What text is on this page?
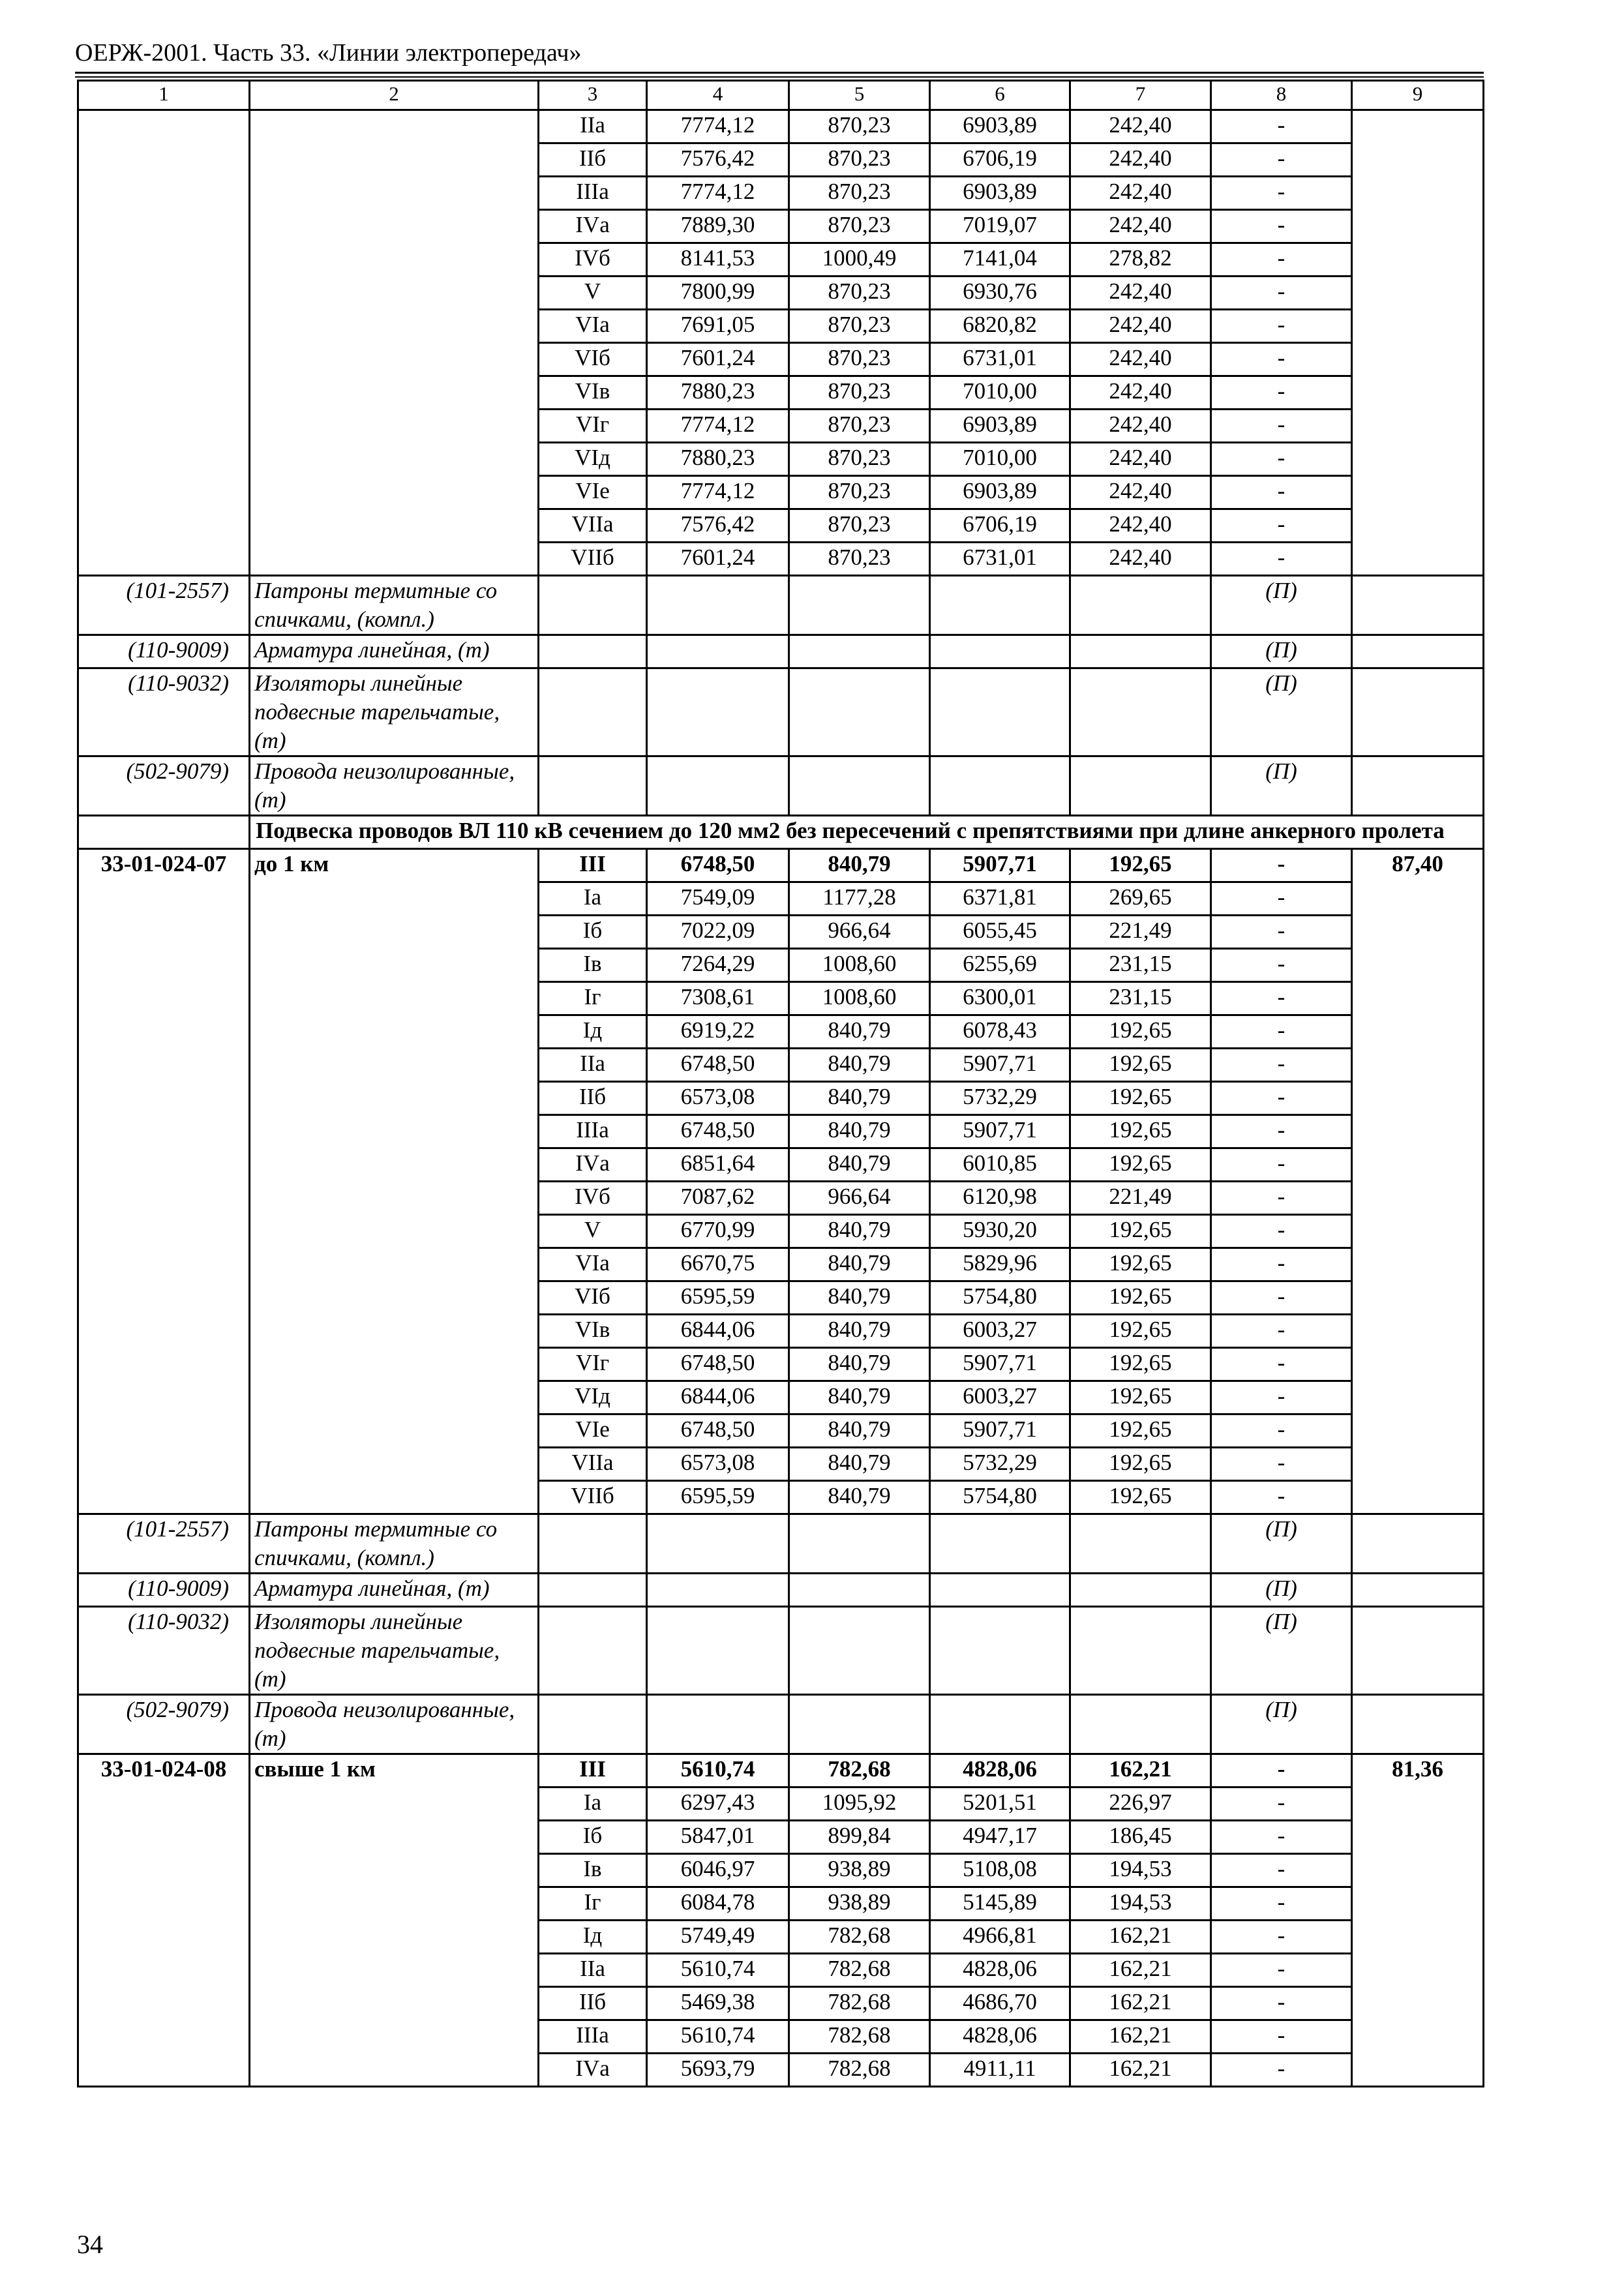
ОЕРЖ-2001. Часть 33. «Линии электропередач»
1	2	3	4	5	6	7	8	9
		IIа	7774,12	870,23	6903,89	242,40	-	
		IIб	7576,42	870,23	6706,19	242,40	-	
		IIIа	7774,12	870,23	6903,89	242,40	-	
		IVа	7889,30	870,23	7019,07	242,40	-	
		IVб	8141,53	1000,49	7141,04	278,82	-	
		V	7800,99	870,23	6930,76	242,40	-	
		VIа	7691,05	870,23	6820,82	242,40	-	
		VIб	7601,24	870,23	6731,01	242,40	-	
		VIв	7880,23	870,23	7010,00	242,40	-	
		VIг	7774,12	870,23	6903,89	242,40	-	
		VIд	7880,23	870,23	7010,00	242,40	-	
		VIе	7774,12	870,23	6903,89	242,40	-	
		VIIа	7576,42	870,23	6706,19	242,40	-	
		VIIб	7601,24	870,23	6731,01	242,40	-	
(101-2557)	Патроны термитные со спичками, (компл.)						(П)	
(110-9009)	Арматура линейная, (т)						(П)	
(110-9032)	Изоляторы линейные подвесные тарельчатые, (т)						(П)	
(502-9079)	Провода неизолированные, (т)						(П)	
	Подвеска проводов ВЛ 110 кВ сечением до 120 мм2 без пересечений с препятствиями при длине анкерного пролета							
33-01-024-07	до 1 км	III	6748,50	840,79	5907,71	192,65	-	87,40
		Iа	7549,09	1177,28	6371,81	269,65	-	
		Iб	7022,09	966,64	6055,45	221,49	-	
		Iв	7264,29	1008,60	6255,69	231,15	-	
		Iг	7308,61	1008,60	6300,01	231,15	-	
		Iд	6919,22	840,79	6078,43	192,65	-	
		IIа	6748,50	840,79	5907,71	192,65	-	
		IIб	6573,08	840,79	5732,29	192,65	-	
		IIIа	6748,50	840,79	5907,71	192,65	-	
		IVа	6851,64	840,79	6010,85	192,65	-	
		IVб	7087,62	966,64	6120,98	221,49	-	
		V	6770,99	840,79	5930,20	192,65	-	
		VIа	6670,75	840,79	5829,96	192,65	-	
		VIб	6595,59	840,79	5754,80	192,65	-	
		VIв	6844,06	840,79	6003,27	192,65	-	
		VIг	6748,50	840,79	5907,71	192,65	-	
		VIд	6844,06	840,79	6003,27	192,65	-	
		VIе	6748,50	840,79	5907,71	192,65	-	
		VIIа	6573,08	840,79	5732,29	192,65	-	
		VIIб	6595,59	840,79	5754,80	192,65	-	
(101-2557)	Патроны термитные со спичками, (компл.)						(П)	
(110-9009)	Арматура линейная, (т)						(П)	
(110-9032)	Изоляторы линейные подвесные тарельчатые, (т)						(П)	
(502-9079)	Провода неизолированные, (т)						(П)	
33-01-024-08	свыше 1 км	III	5610,74	782,68	4828,06	162,21	-	81,36
		Iа	6297,43	1095,92	5201,51	226,97	-	
		Iб	5847,01	899,84	4947,17	186,45	-	
		Iв	6046,97	938,89	5108,08	194,53	-	
		Iг	6084,78	938,89	5145,89	194,53	-	
		Iд	5749,49	782,68	4966,81	162,21	-	
		IIа	5610,74	782,68	4828,06	162,21	-	
		IIб	5469,38	782,68	4686,70	162,21	-	
		IIIа	5610,74	782,68	4828,06	162,21	-	
		IVа	5693,79	782,68	4911,11	162,21	-	
34
